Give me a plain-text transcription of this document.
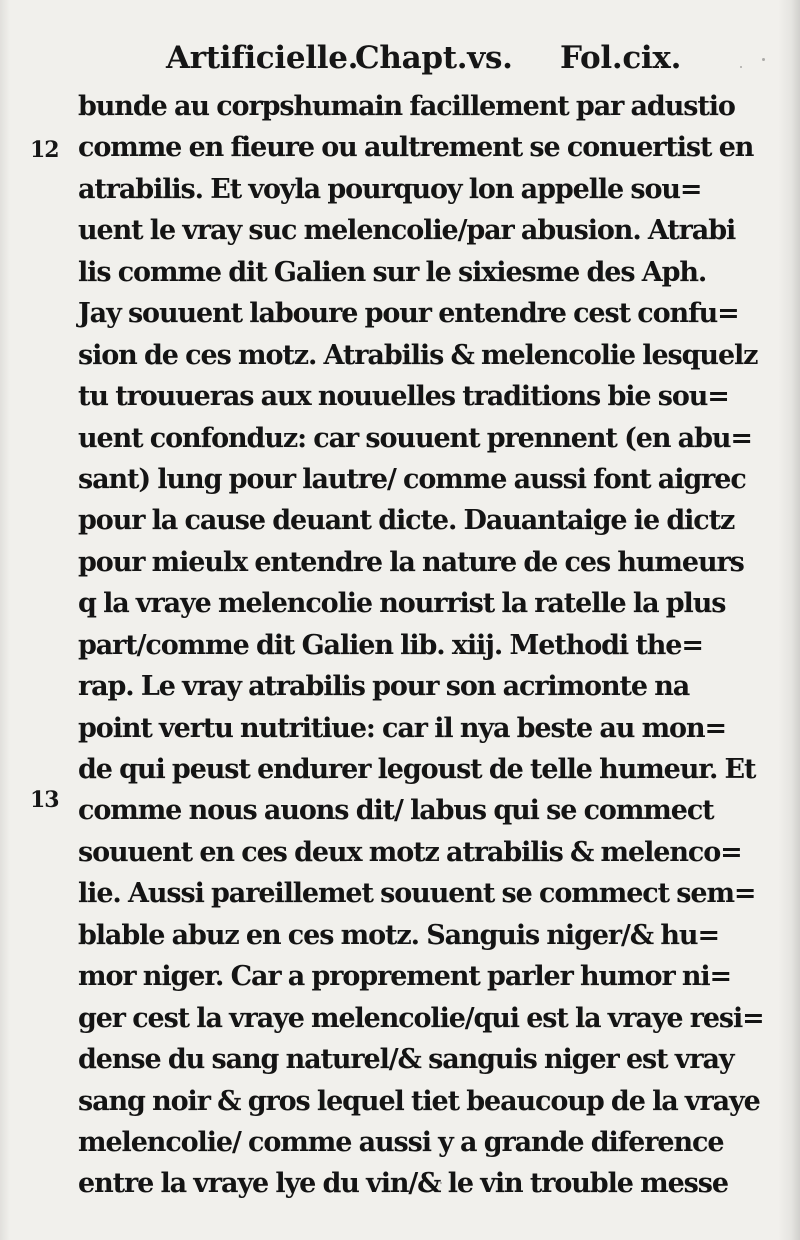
Artificielle.
Chapt.vs. Fol.cix.
12
13
bunde au corpshumain facillement par adustio
comme en fieure ou aultrement se conuertist en
atrabilis. Et voyla pourquoy lon appelle sou=
uent le vray suc melencolie/par abusion. Atrabi
lis comme dit Galien sur le sixiesme des Aph.
Jay souuent laboure pour entendre cest confu=
sion de ces motz. Atrabilis & melencolie lesquelz
tu trouueras aux nouuelles traditions bie sou=
uent confonduz: car souuent prennent (en abu=
sant) lung pour lautre/ comme aussi font aigrec
pour la cause deuant dicte. Dauantaige ie dictz
pour mieulx entendre la nature de ces humeurs
q la vraye melencolie nourrist la ratelle la plus
part/comme dit Galien lib. xiij. Methodi the=
rap. Le vray atrabilis pour son acrimonte na
point vertu nutritiue: car il nya beste au mon=
de qui peust endurer legoust de telle humeur. Et
comme nous auons dit/ labus qui se commect
souuent en ces deux motz atrabilis & melenco=
lie. Aussi pareillemet souuent se commect sem=
blable abuz en ces motz. Sanguis niger/& hu=
mor niger. Car a proprement parler humor ni=
ger cest la vraye melencolie/qui est la vraye resi=
dense du sang naturel/& sanguis niger est vray
sang noir & gros lequel tiet beaucoup de la vraye
melencolie/ comme aussi y a grande diference
entre la vraye lye du vin/& le vin trouble messe
